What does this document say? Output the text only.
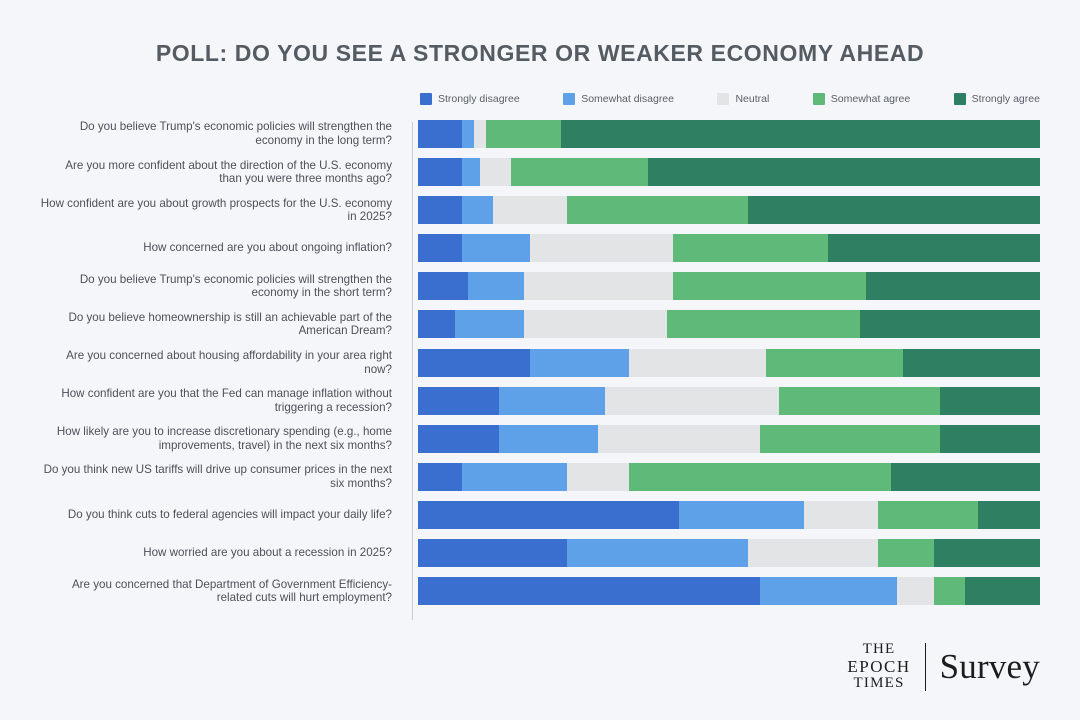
POLL: DO YOU SEE A STRONGER OR WEAKER ECONOMY AHEAD
Strongly disagree	Somewhat disagree	Neutral	Somewhat agree	Strongly agree
Do you believe Trump's economic policies will strengthen the economy in the long term?
Are you more confident about the direction of the U.S. economy than you were three months ago?
How confident are you about growth prospects for the U.S. economy in 2025?
How concerned are you about ongoing inflation?
Do you believe Trump's economic policies will strengthen the economy in the short term?
Do you believe homeownership is still an achievable part of the American Dream?
Are you concerned about housing affordability in your area right now?
How confident are you that the Fed can manage inflation without triggering a recession?
How likely are you to increase discretionary spending (e.g., home improvements, travel) in the next six months?
Do you think new US tariffs will drive up consumer prices in the next six months?
Do you think cuts to federal agencies will impact your daily life?
How worried are you about a recession in 2025?
Are you concerned that Department of Government Efficiency-related cuts will hurt employment?
THE
EPOCH
TIMES Survey
